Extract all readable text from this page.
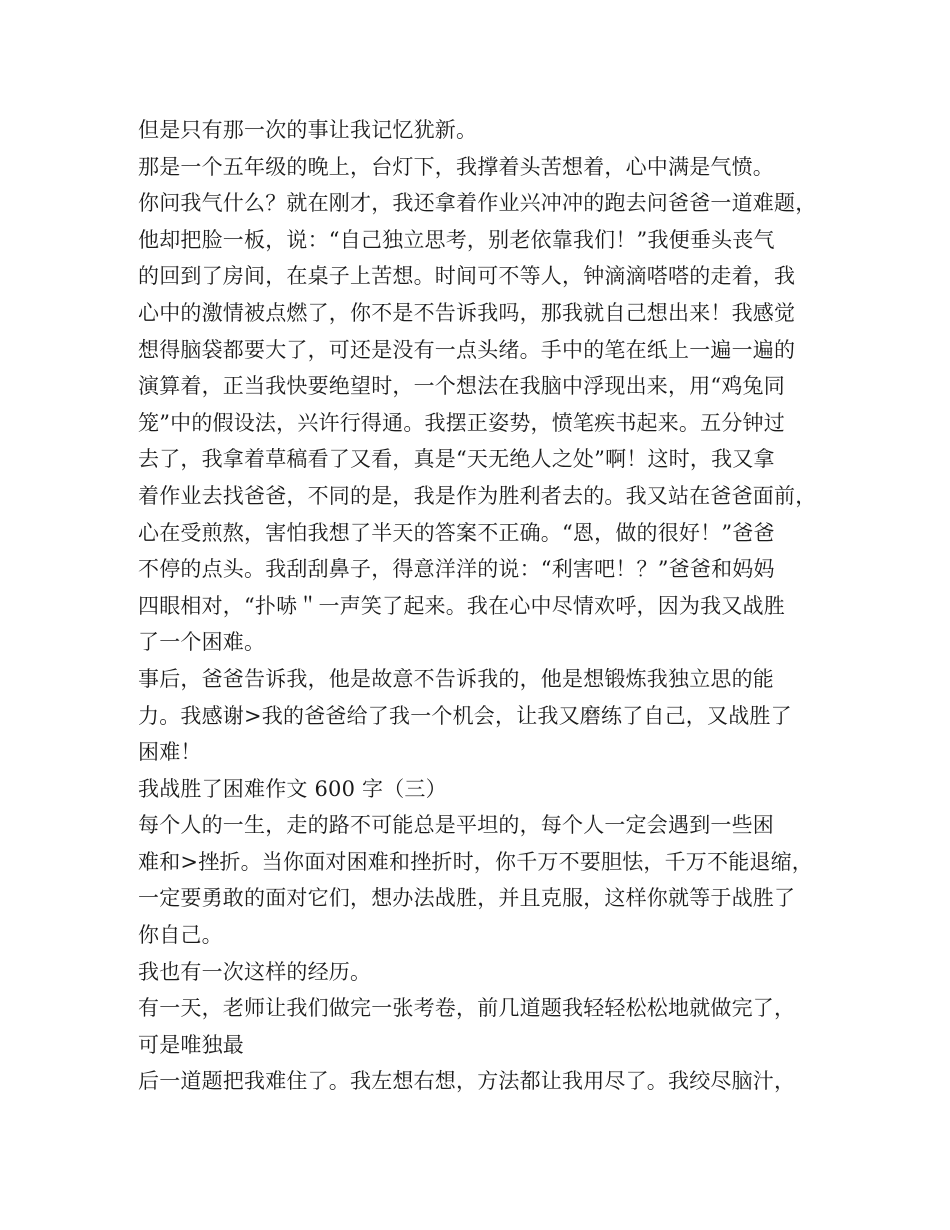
但是只有那一次的事让我记忆犹新。
那是一个五年级的晚上，台灯下，我撑着头苦想着，心中满是气愤。
你问我气什么？就在刚才，我还拿着作业兴冲冲的跑去问爸爸一道难题，
他却把脸一板，说：“自己独立思考，别老依靠我们！”我便垂头丧气
的回到了房间，在桌子上苦想。时间可不等人，钟滴滴嗒嗒的走着，我
心中的激情被点燃了，你不是不告诉我吗，那我就自己想出来！我感觉
想得脑袋都要大了，可还是没有一点头绪。手中的笔在纸上一遍一遍的
演算着，正当我快要绝望时，一个想法在我脑中浮现出来，用“鸡兔同
笼”中的假设法，兴许行得通。我摆正姿势，愤笔疾书起来。五分钟过
去了，我拿着草稿看了又看，真是“天无绝人之处”啊！这时，我又拿
着作业去找爸爸，不同的是，我是作为胜利者去的。我又站在爸爸面前，
心在受煎熬，害怕我想了半天的答案不正确。“恩，做的很好！”爸爸
不停的点头。我刮刮鼻子，得意洋洋的说：“利害吧！？”爸爸和妈妈
四眼相对，“扑哧＂一声笑了起来。我在心中尽情欢呼，因为我又战胜
了一个困难。
事后，爸爸告诉我，他是故意不告诉我的，他是想锻炼我独立思的能
力。我感谢>我的爸爸给了我一个机会，让我又磨练了自己，又战胜了
困难！
我战胜了困难作文 600 字（三）
每个人的一生，走的路不可能总是平坦的，每个人一定会遇到一些困
难和>挫折。当你面对困难和挫折时，你千万不要胆怯，千万不能退缩，
一定要勇敢的面对它们，想办法战胜，并且克服，这样你就等于战胜了
你自己。
我也有一次这样的经历。
有一天，老师让我们做完一张考卷，前几道题我轻轻松松地就做完了，
可是唯独最
后一道题把我难住了。我左想右想，方法都让我用尽了。我绞尽脑汁，
